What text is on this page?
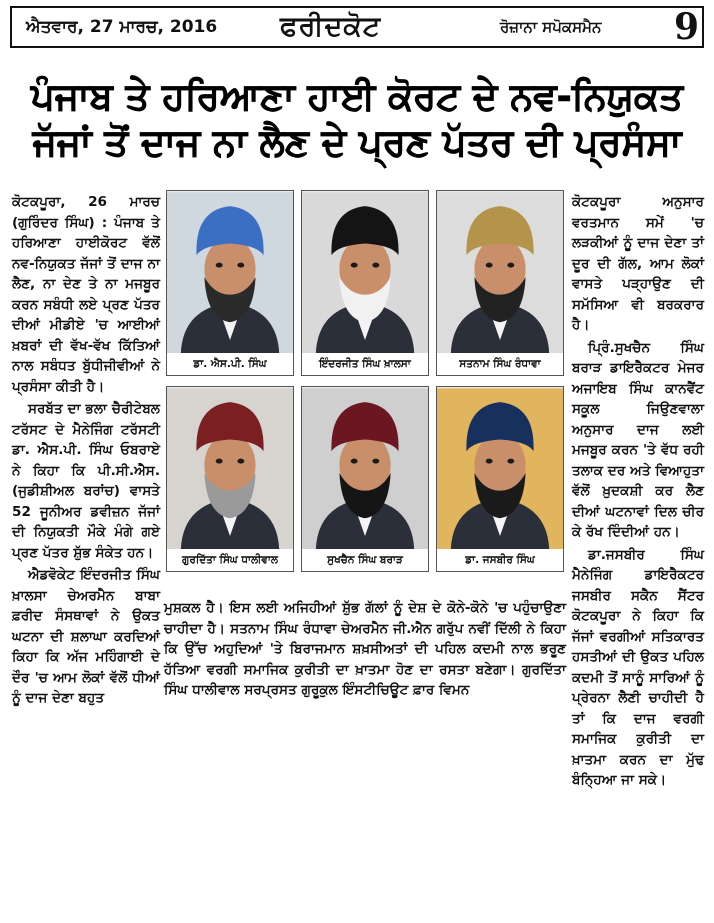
ਐਤਵਾਰ, 27 ਮਾਰਚ, 2016 ਫਰੀਦਕੋਟ	ਰੋਜ਼ਾਨਾ ਸਪੋਕਸਮੈਨ 9
ਪੰਜਾਬ ਤੇ ਹਰਿਆਣਾ ਹਾਈ ਕੋਰਟ ਦੇ ਨਵ-ਨਿਯੁਕਤ
ਜੱਜਾਂ ਤੋਂ ਦਾਜ ਨਾ ਲੈਣ ਦੇ ਪ੍ਰਣ ਪੱਤਰ ਦੀ ਪ੍ਰਸੰਸਾ

ਕੋਟਕਪੂਰਾ, 26 ਮਾਰਚ (ਗੁਰਿੰਦਰ ਸਿੰਘ) : ਪੰਜਾਬ ਤੇ ਹਰਿਆਣਾ ਹਾਈਕੋਰਟ ਵੱਲੋਂ ਨਵ-ਨਿਯੁਕਤ ਜੱਜਾਂ ਤੋਂ ਦਾਜ ਨਾ ਲੈਣ, ਨਾ ਦੇਣ ਤੇ ਨਾ ਮਜਬੂਰ ਕਰਨ ਸਬੰਧੀ ਲਏ ਪ੍ਰਣ ਪੱਤਰ ਦੀਆਂ ਮੀਡੀਏ 'ਚ ਆਈਆਂ ਖ਼ਬਰਾਂ ਦੀ ਵੱਖ-ਵੱਖ ਕਿੱਤਿਆਂ ਨਾਲ ਸਬੰਧਤ ਬੁੱਧੀਜੀਵੀਆਂ ਨੇ ਪ੍ਰਸੰਸਾ ਕੀਤੀ ਹੈ।

ਸਰਬੱਤ ਦਾ ਭਲਾ ਚੈਰੀਟੇਬਲ ਟਰੱਸਟ ਦੇ ਮੈਨੇਜਿੰਗ ਟਰੱਸਟੀ ਡਾ. ਐਸ.ਪੀ. ਸਿੰਘ ਓਬਰਾਏ ਨੇ ਕਿਹਾ ਕਿ ਪੀ.ਸੀ.ਐਸ. (ਜੁਡੀਸ਼ੀਅਲ ਬਰਾਂਚ) ਵਾਸਤੇ 52 ਜੂਨੀਅਰ ਡਵੀਜ਼ਨ ਜੱਜਾਂ ਦੀ ਨਿਯੁਕਤੀ ਮੌਕੇ ਮੰਗੇ ਗਏ ਪ੍ਰਣ ਪੱਤਰ ਸ਼ੁੱਭ ਸੰਕੇਤ ਹਨ।

ਐਡਵੋਕੇਟ ਇੰਦਰਜੀਤ ਸਿੰਘ ਖ਼ਾਲਸਾ ਚੇਅਰਮੈਨ ਬਾਬਾ ਫ਼ਰੀਦ ਸੰਸਥਾਵਾਂ ਨੇ ਉਕਤ ਘਟਨਾ ਦੀ ਸ਼ਲਾਘਾ ਕਰਦਿਆਂ ਕਿਹਾ ਕਿ ਅੱਜ ਮਹਿੰਗਾਈ ਦੇ ਦੌਰ 'ਚ ਆਮ ਲੋਕਾਂ ਵੱਲੋਂ ਧੀਆਂ ਨੂੰ ਦਾਜ ਦੇਣਾ ਬਹੁਤ

ਡਾ. ਐਸ.ਪੀ. ਸਿੰਘ	ਇੰਦਰਜੀਤ ਸਿੰਘ ਖ਼ਾਲਸਾ	ਸਤਨਾਮ ਸਿੰਘ ਰੰਧਾਵਾ
ਗੁਰਦਿੱਤਾ ਸਿੰਘ ਧਾਲੀਵਾਲ	ਸੁਖਚੈਨ ਸਿੰਘ ਬਰਾੜ	ਡਾ. ਜਸਬੀਰ ਸਿੰਘ

ਮੁਸ਼ਕਲ ਹੈ। ਇਸ ਲਈ ਅਜਿਹੀਆਂ ਸ਼ੁੱਭ ਗੱਲਾਂ ਨੂੰ ਦੇਸ਼ ਦੇ ਕੋਨੇ-ਕੋਨੇ 'ਚ ਪਹੁੰਚਾਉਣਾ ਚਾਹੀਦਾ ਹੈ। ਸਤਨਾਮ ਸਿੰਘ ਰੰਧਾਵਾ ਚੇਅਰਮੈਨ ਜੀ.ਐਨ ਗਰੁੱਪ ਨਵੀਂ ਦਿੱਲੀ ਨੇ ਕਿਹਾ ਕਿ ਉੱਚ ਅਹੁਦਿਆਂ 'ਤੇ ਬਿਰਾਜਮਾਨ ਸ਼ਖ਼ਸੀਅਤਾਂ ਦੀ ਪਹਿਲ ਕਦਮੀ ਨਾਲ ਭਰੂਣ ਹੱਤਿਆ ਵਰਗੀ ਸਮਾਜਿਕ ਕੁਰੀਤੀ ਦਾ ਖ਼ਾਤਮਾ ਹੋਣ ਦਾ ਰਸਤਾ ਬਣੇਗਾ। ਗੁਰਦਿੱਤਾ ਸਿੰਘ ਧਾਲੀਵਾਲ ਸਰਪ੍ਰਸਤ ਗੁਰੂਕੁਲ ਇੰਸਟੀਚਿਊਟ ਫ਼ਾਰ ਵਿਮਨ

ਕੋਟਕਪੂਰਾ ਅਨੁਸਾਰ ਵਰਤਮਾਨ ਸਮੇਂ 'ਚ ਲੜਕੀਆਂ ਨੂੰ ਦਾਜ ਦੇਣਾ ਤਾਂ ਦੂਰ ਦੀ ਗੱਲ, ਆਮ ਲੋਕਾਂ ਵਾਸਤੇ ਪੜ੍ਹਾਉਣ ਦੀ ਸਮੱਸਿਆ ਵੀ ਬਰਕਰਾਰ ਹੈ।

ਪ੍ਰਿੰ.ਸੁਖਚੈਨ ਸਿੰਘ ਬਰਾੜ ਡਾਇਰੈਕਟਰ ਮੇਜਰ ਅਜਾਇਬ ਸਿੰਘ ਕਾਨਵੈਂਟ ਸਕੂਲ ਜਿਉਣਵਾਲਾ ਅਨੁਸਾਰ ਦਾਜ ਲਈ ਮਜਬੂਰ ਕਰਨ 'ਤੇ ਵੱਧ ਰਹੀ ਤਲਾਕ ਦਰ ਅਤੇ ਵਿਆਹੁਤਾ ਵੱਲੋਂ ਖ਼ੁਦਕਸ਼ੀ ਕਰ ਲੈਣ ਦੀਆਂ ਘਟਨਾਵਾਂ ਦਿਲ ਚੀਰ ਕੇ ਰੱਖ ਦਿੰਦੀਆਂ ਹਨ।

ਡਾ.ਜਸਬੀਰ ਸਿੰਘ ਮੈਨੇਜਿੰਗ ਡਾਇਰੈਕਟਰ ਜਸਬੀਰ ਸਕੈਨ ਸੈਂਟਰ ਕੋਟਕਪੂਰਾ ਨੇ ਕਿਹਾ ਕਿ ਜੱਜਾਂ ਵਰਗੀਆਂ ਸਤਿਕਾਰਤ ਹਸਤੀਆਂ ਦੀ ਉਕਤ ਪਹਿਲ ਕਦਮੀ ਤੋਂ ਸਾਨੂੰ ਸਾਰਿਆਂ ਨੂੰ ਪ੍ਰੇਰਨਾ ਲੈਣੀ ਚਾਹੀਦੀ ਹੈ ਤਾਂ ਕਿ ਦਾਜ ਵਰਗੀ ਸਮਾਜਿਕ ਕੁਰੀਤੀ ਦਾ ਖ਼ਾਤਮਾ ਕਰਨ ਦਾ ਮੁੱਢ ਬੰਨ੍ਹਿਆ ਜਾ ਸਕੇ।
